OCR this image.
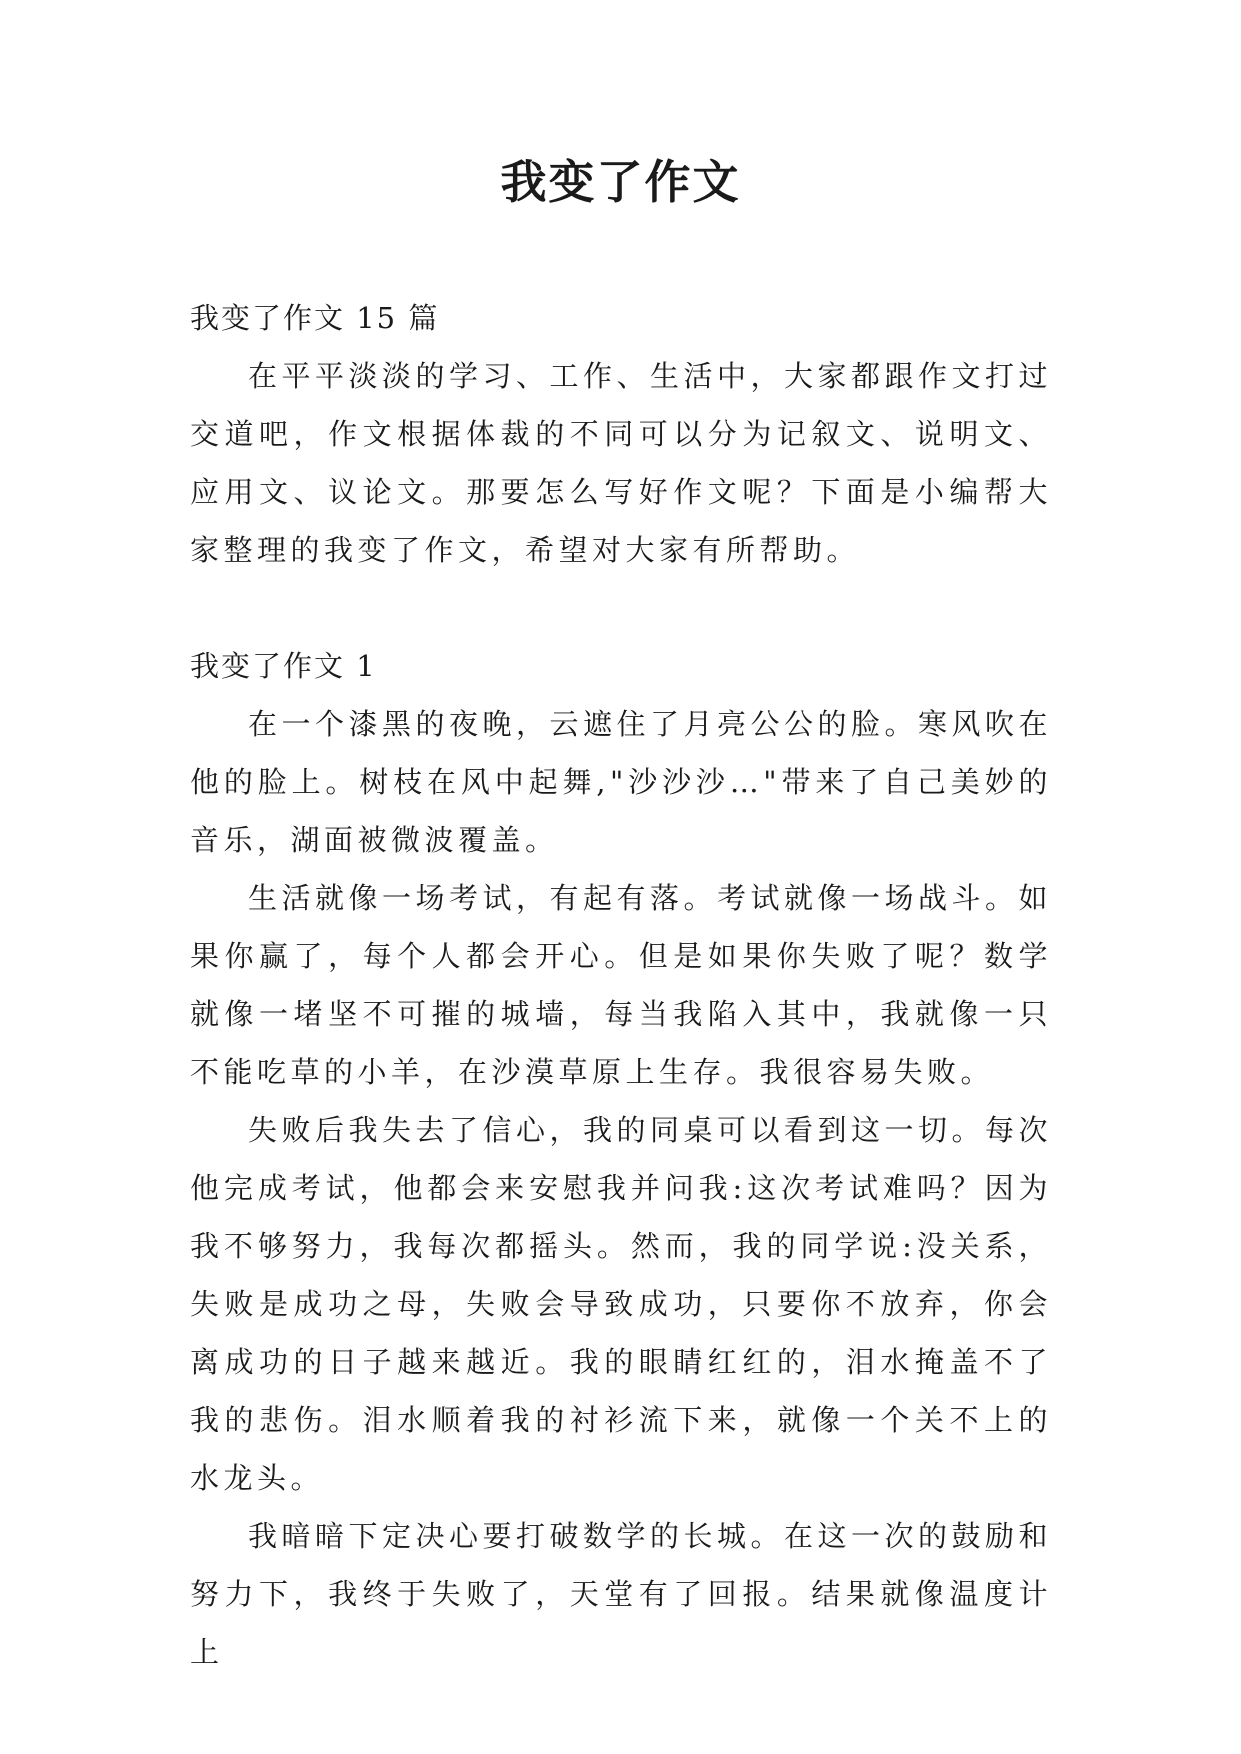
我变了作文

我变了作文 15 篇

在平平淡淡的学习、工作、生活中，大家都跟作文打过交道吧，作文根据体裁的不同可以分为记叙文、说明文、应用文、议论文。那要怎么写好作文呢？下面是小编帮大家整理的我变了作文，希望对大家有所帮助。

我变了作文 1

在一个漆黑的夜晚，云遮住了月亮公公的脸。寒风吹在他的脸上。树枝在风中起舞,"沙沙沙…"带来了自己美妙的音乐，湖面被微波覆盖。

生活就像一场考试，有起有落。考试就像一场战斗。如果你赢了，每个人都会开心。但是如果你失败了呢？数学就像一堵坚不可摧的城墙，每当我陷入其中，我就像一只不能吃草的小羊，在沙漠草原上生存。我很容易失败。

失败后我失去了信心，我的同桌可以看到这一切。每次他完成考试，他都会来安慰我并问我:这次考试难吗？因为我不够努力，我每次都摇头。然而，我的同学说:没关系，失败是成功之母，失败会导致成功，只要你不放弃，你会离成功的日子越来越近。我的眼睛红红的，泪水掩盖不了我的悲伤。泪水顺着我的衬衫流下来，就像一个关不上的水龙头。

我暗暗下定决心要打破数学的长城。在这一次的鼓励和努力下，我终于失败了，天堂有了回报。结果就像温度计上
